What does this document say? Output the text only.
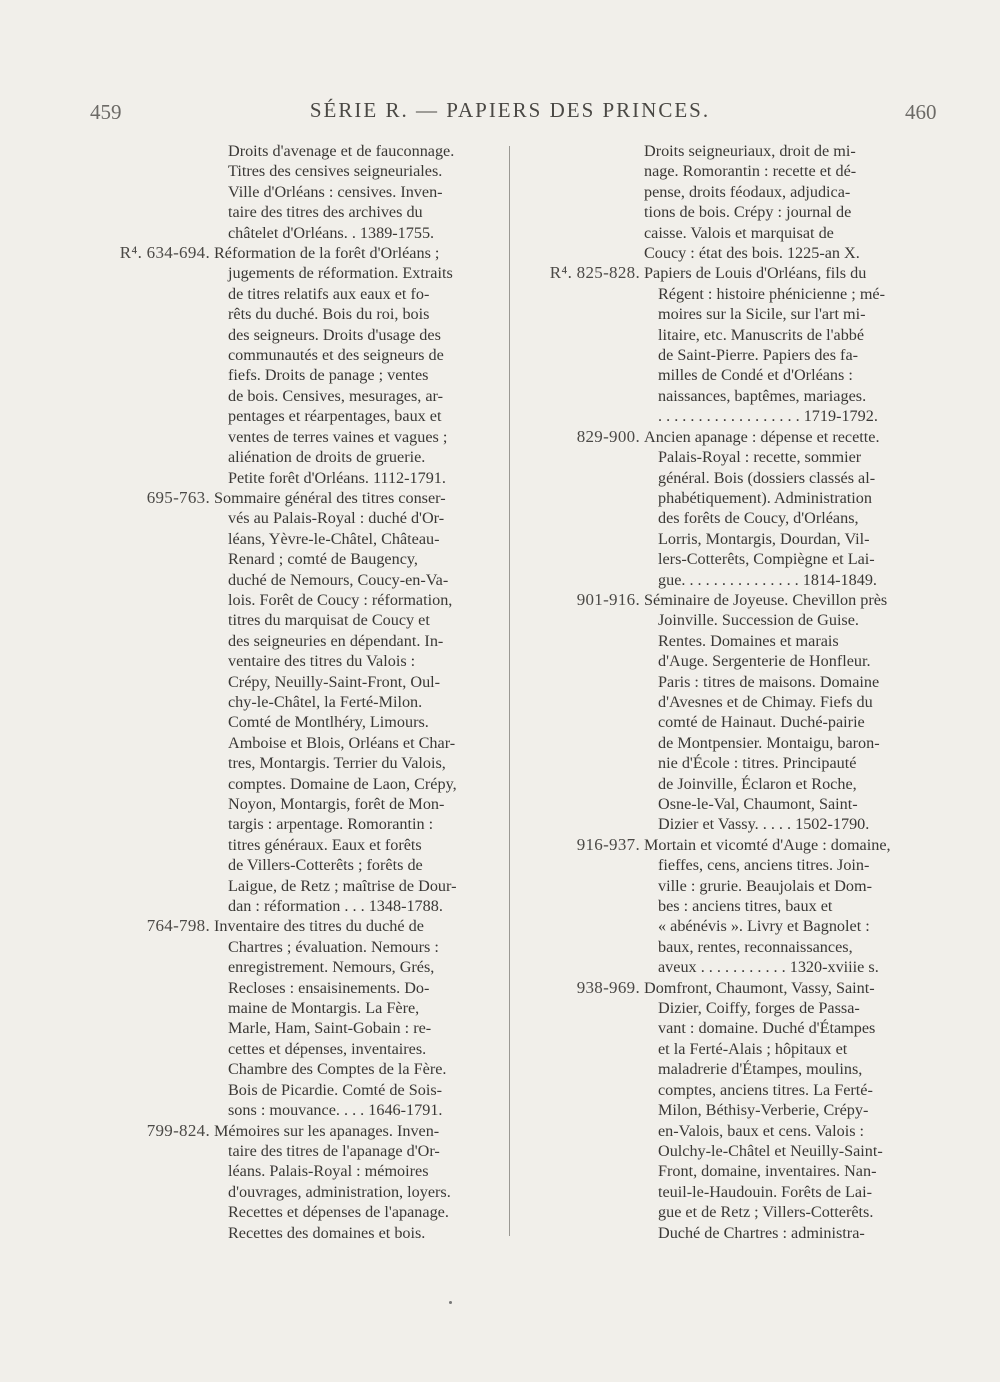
459	SÉRIE R. — PAPIERS DES PRINCES.	460
Droits d'avenage et de fauconnage.
Titres des censives seigneuriales.
Ville d'Orléans : censives. Inven-
taire des titres des archives du
châtelet d'Orléans. . 1389-1755.
R⁴. 634-694. Réformation de la forêt d'Orléans ;
jugements de réformation. Extraits
de titres relatifs aux eaux et fo-
rêts du duché. Bois du roi, bois
des seigneurs. Droits d'usage des
communautés et des seigneurs de
fiefs. Droits de panage ; ventes
de bois. Censives, mesurages, ar-
pentages et réarpentages, baux et
ventes de terres vaines et vagues ;
aliénation de droits de gruerie.
Petite forêt d'Orléans. 1112-1791.
695-763. Sommaire général des titres conser-
vés au Palais-Royal : duché d'Or-
léans, Yèvre-le-Châtel, Château-
Renard ; comté de Baugency,
duché de Nemours, Coucy-en-Va-
lois. Forêt de Coucy : réformation,
titres du marquisat de Coucy et
des seigneuries en dépendant. In-
ventaire des titres du Valois :
Crépy, Neuilly-Saint-Front, Oul-
chy-le-Châtel, la Ferté-Milon.
Comté de Montlhéry, Limours.
Amboise et Blois, Orléans et Char-
tres, Montargis. Terrier du Valois,
comptes. Domaine de Laon, Crépy,
Noyon, Montargis, forêt de Mon-
targis : arpentage. Romorantin :
titres généraux. Eaux et forêts
de Villers-Cotterêts ; forêts de
Laigue, de Retz ; maîtrise de Dour-
dan : réformation . . . 1348-1788.
764-798. Inventaire des titres du duché de
Chartres ; évaluation. Nemours :
enregistrement. Nemours, Grés,
Recloses : ensaisinements. Do-
maine de Montargis. La Fère,
Marle, Ham, Saint-Gobain : re-
cettes et dépenses, inventaires.
Chambre des Comptes de la Fère.
Bois de Picardie. Comté de Sois-
sons : mouvance. . . . 1646-1791.
799-824. Mémoires sur les apanages. Inven-
taire des titres de l'apanage d'Or-
léans. Palais-Royal : mémoires
d'ouvrages, administration, loyers.
Recettes et dépenses de l'apanage.
Recettes des domaines et bois.
Droits seigneuriaux, droit de mi-
nage. Romorantin : recette et dé-
pense, droits féodaux, adjudica-
tions de bois. Crépy : journal de
caisse. Valois et marquisat de
Coucy : état des bois. 1225-an X.
R⁴. 825-828. Papiers de Louis d'Orléans, fils du
Régent : histoire phénicienne ; mé-
moires sur la Sicile, sur l'art mi-
litaire, etc. Manuscrits de l'abbé
de Saint-Pierre. Papiers des fa-
milles de Condé et d'Orléans :
naissances, baptêmes, mariages.
. . . . . . . . . . . . . . . . . . 1719-1792.
829-900. Ancien apanage : dépense et recette.
Palais-Royal : recette, sommier
général. Bois (dossiers classés al-
phabétiquement). Administration
des forêts de Coucy, d'Orléans,
Lorris, Montargis, Dourdan, Vil-
lers-Cotterêts, Compiègne et Lai-
gue. . . . . . . . . . . . . . . 1814-1849.
901-916. Séminaire de Joyeuse. Chevillon près
Joinville. Succession de Guise.
Rentes. Domaines et marais
d'Auge. Sergenterie de Honfleur.
Paris : titres de maisons. Domaine
d'Avesnes et de Chimay. Fiefs du
comté de Hainaut. Duché-pairie
de Montpensier. Montaigu, baron-
nie d'École : titres. Principauté
de Joinville, Éclaron et Roche,
Osne-le-Val, Chaumont, Saint-
Dizier et Vassy. . . . . 1502-1790.
916-937. Mortain et vicomté d'Auge : domaine,
fieffes, cens, anciens titres. Join-
ville : grurie. Beaujolais et Dom-
bes : anciens titres, baux et
« abénévis ». Livry et Bagnolet :
baux, rentes, reconnaissances,
aveux . . . . . . . . . . . 1320-xviiie s.
938-969. Domfront, Chaumont, Vassy, Saint-
Dizier, Coiffy, forges de Passa-
vant : domaine. Duché d'Étampes
et la Ferté-Alais ; hôpitaux et
maladrerie d'Étampes, moulins,
comptes, anciens titres. La Ferté-
Milon, Béthisy-Verberie, Crépy-
en-Valois, baux et cens. Valois :
Oulchy-le-Châtel et Neuilly-Saint-
Front, domaine, inventaires. Nan-
teuil-le-Haudouin. Forêts de Lai-
gue et de Retz ; Villers-Cotterêts.
Duché de Chartres : administra-
